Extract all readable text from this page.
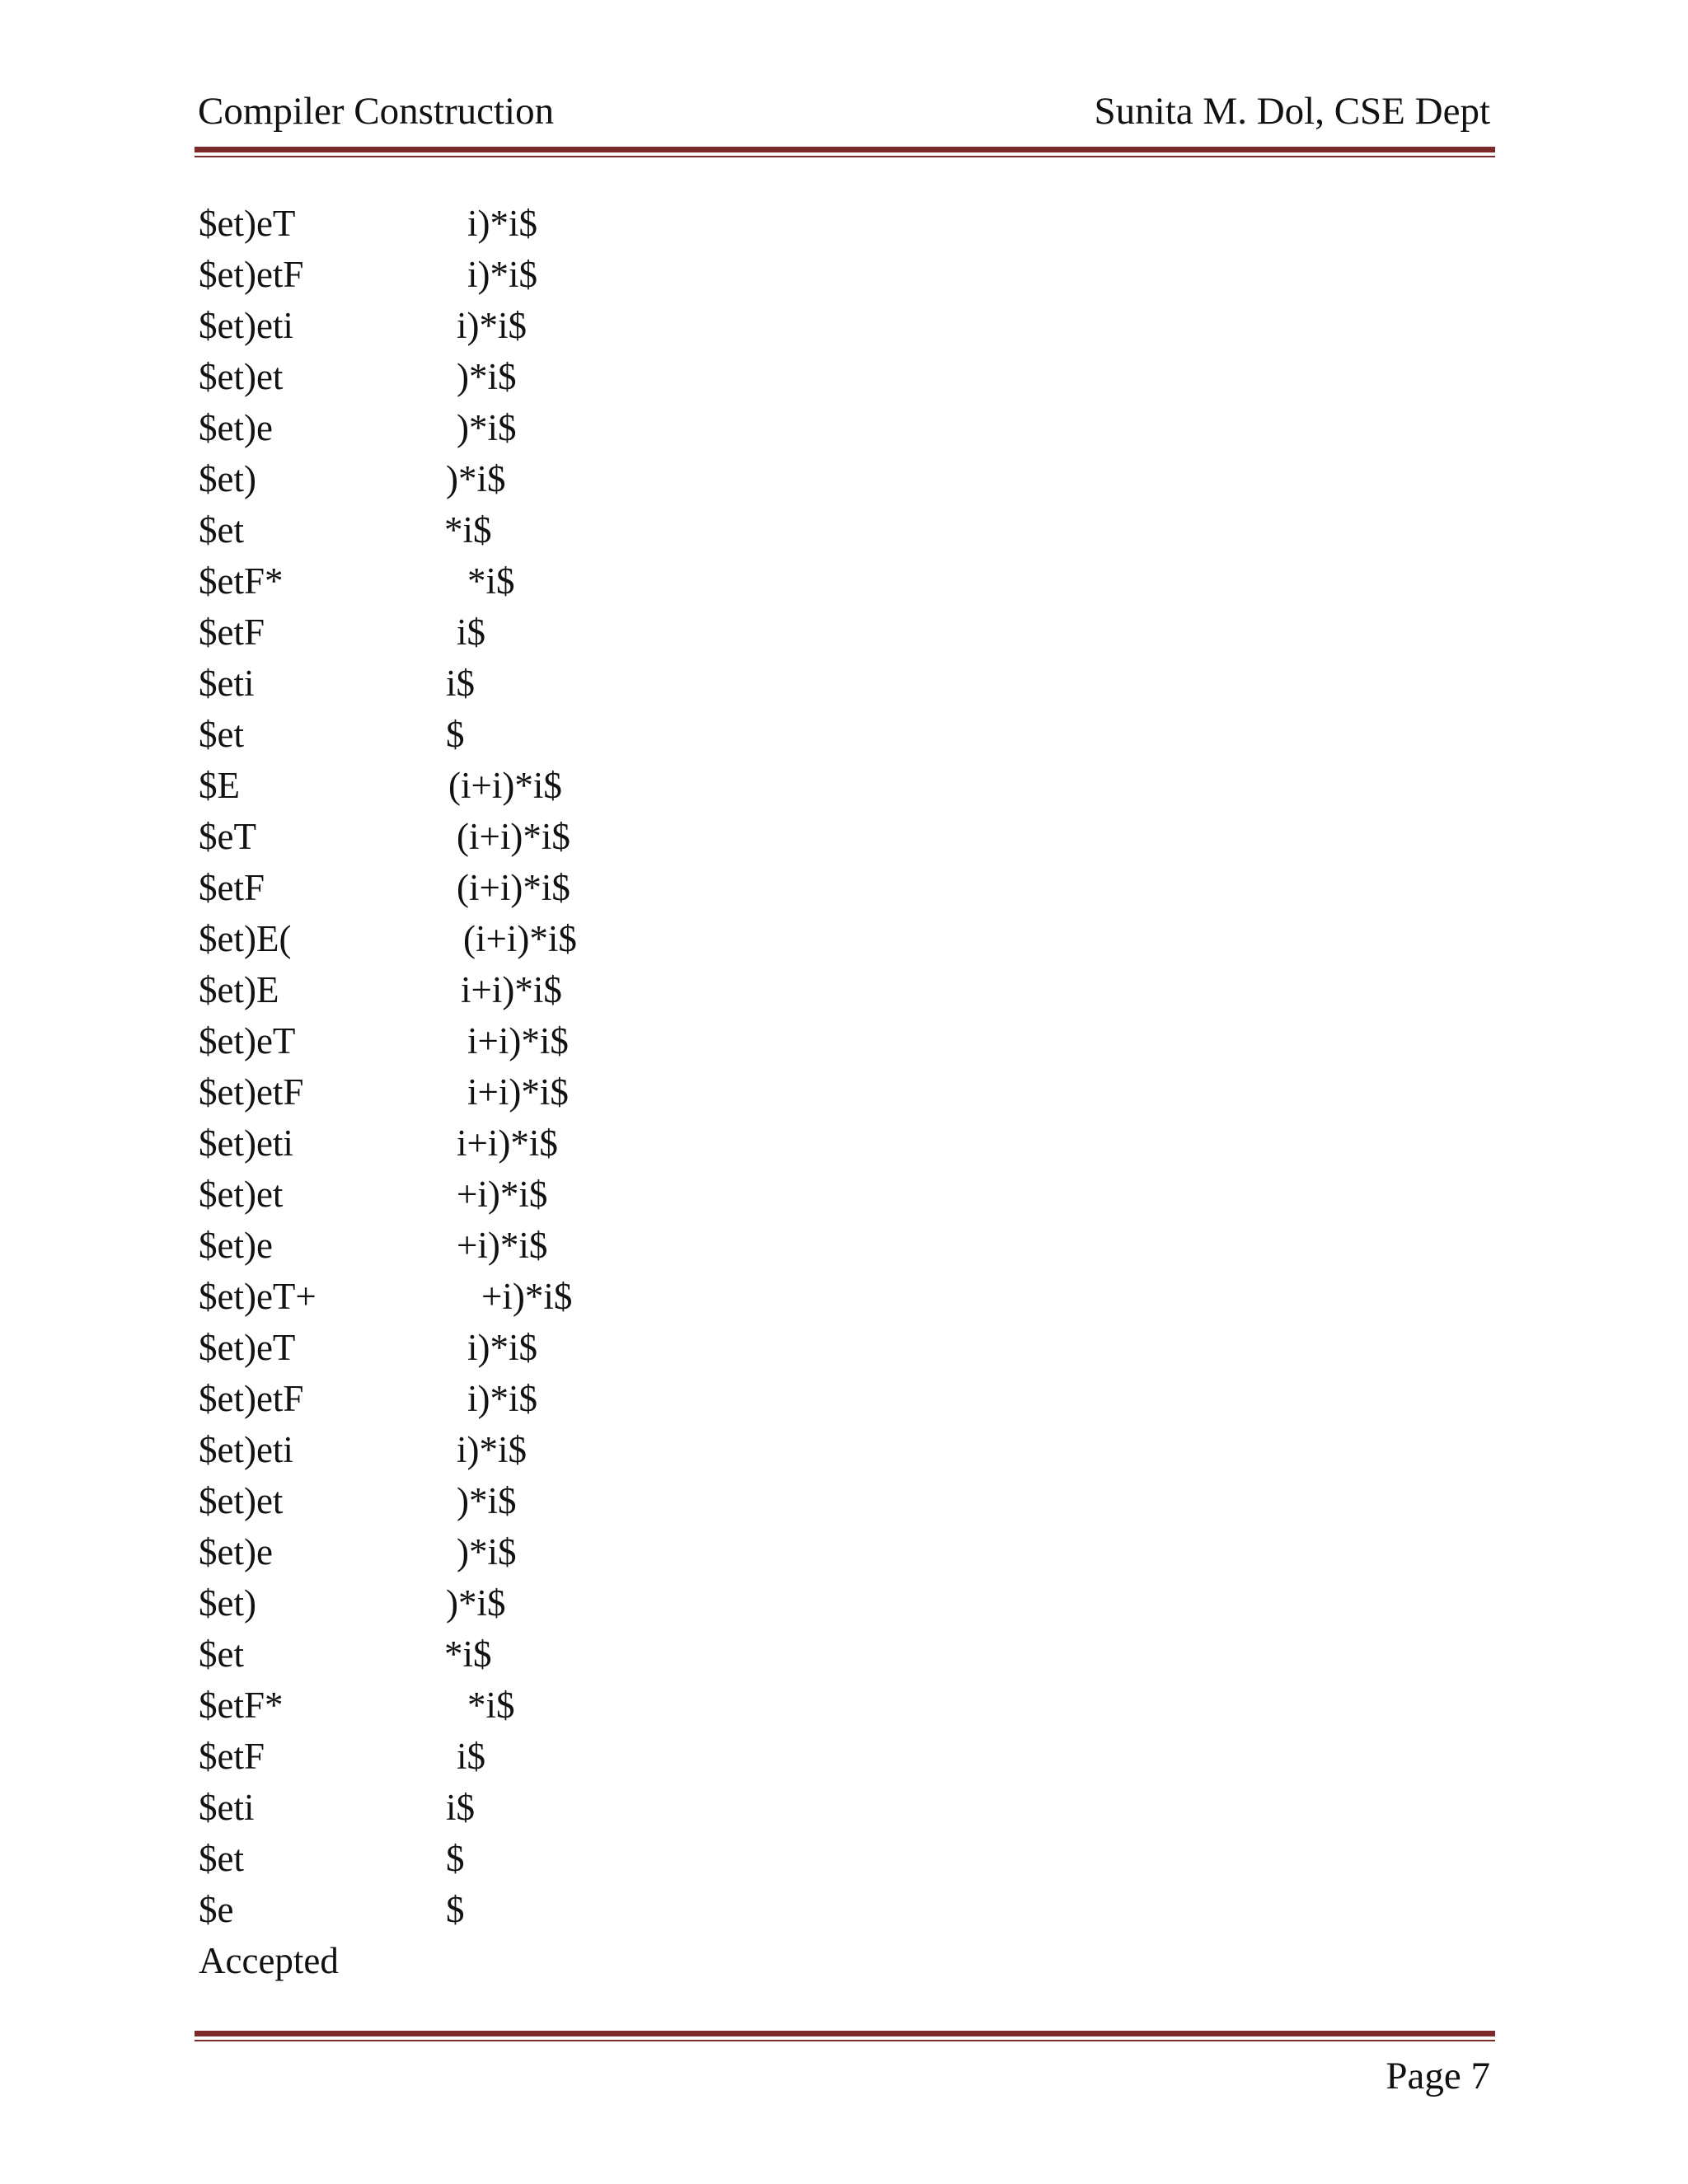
Compiler Construction	Sunita M. Dol, CSE Dept
$et)eT	i)*i$
$et)etF	i)*i$
$et)eti	i)*i$
$et)et	)*i$
$et)e	)*i$
$et)	)*i$
$et	*i$
$etF*	*i$
$etF	i$
$eti	i$
$et	$
$E	(i+i)*i$
$eT	(i+i)*i$
$etF	(i+i)*i$
$et)E(	(i+i)*i$
$et)E	i+i)*i$
$et)eT	i+i)*i$
$et)etF	i+i)*i$
$et)eti	i+i)*i$
$et)et	+i)*i$
$et)e	+i)*i$
$et)eT+	+i)*i$
$et)eT	i)*i$
$et)etF	i)*i$
$et)eti	i)*i$
$et)et	)*i$
$et)e	)*i$
$et)	)*i$
$et	*i$
$etF*	*i$
$etF	i$
$eti	i$
$et	$
$e	$
Accepted
Page 7
